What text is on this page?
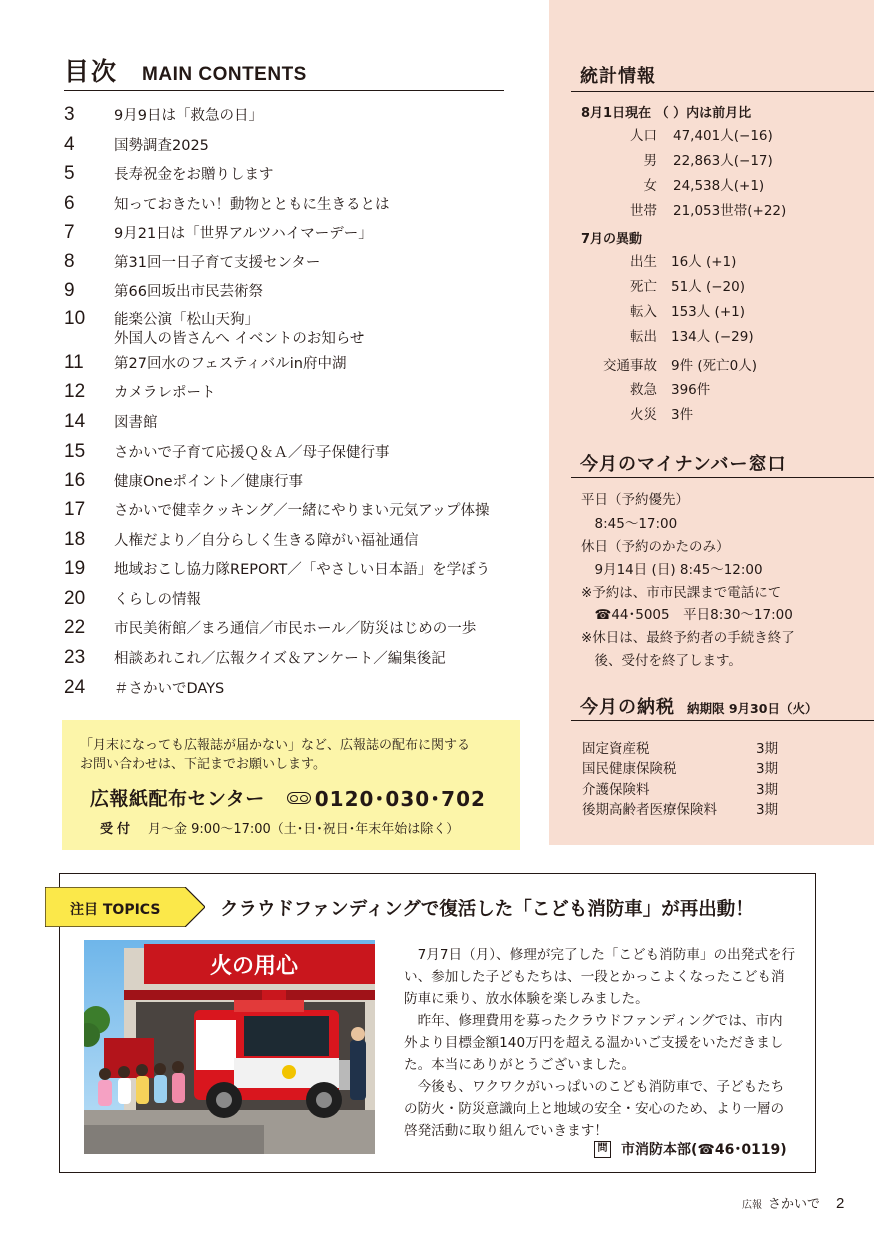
目次 MAIN CONTENTS
3	9月9日は「救急の日」
4	国勢調査2025
5	長寿祝金をお贈りします
6	知っておきたい！動物とともに生きるとは
7	9月21日は「世界アルツハイマーデー」
8	第31回一日子育て支援センター
9	第66回坂出市民芸術祭
10	能楽公演「松山天狗」
外国人の皆さんへ イベントのお知らせ
11	第27回水のフェスティバルin府中湖
12	カメラレポート
14	図書館
15	さかいで子育て応援Ｑ＆Ａ／母子保健行事
16	健康Oneポイント／健康行事
17	さかいで健幸クッキング／一緒にやりまい元気アップ体操
18	人権だより／自分らしく生きる障がい福祉通信
19	地域おこし協力隊REPORT／「やさしい日本語」を学ぼう
20	くらしの情報
22	市民美術館／まろ通信／市民ホール／防災はじめの一歩
23	相談あれこれ／広報クイズ＆アンケート／編集後記
24	＃さかいでDAYS
「月末になっても広報誌が届かない」など、広報誌の配布に関する
お問い合わせは、下記までお願いします。
広報紙配布センター	0120･030･702
受付 月～金 9:00～17:00（土･日･祝日･年末年始は除く）
統計情報
8月1日現在 （ ）内は前月比
人口 47,401人(−16)
男 22,863人(−17)
女 24,538人(+1)
世帯 21,053世帯(+22)
7月の異動
出生 16人 (+1)
死亡 51人 (−20)
転入 153人 (+1)
転出 134人 (−29)
交通事故 9件 (死亡0人)
救急 396件
火災 3件
今月のマイナンバー窓口
平日（予約優先）
　8:45～17:00
休日（予約のかたのみ）
　9月14日 (日) 8:45～12:00
※予約は、市市民課まで電話にて
　☎44･5005　平日8:30～17:00
※休日は、最終予約者の手続き終了
　後、受付を終了します。
今月の納税 納期限 9月30日（火）
固定資産税	3期
国民健康保険税	3期
介護保険料	3期
後期高齢者医療保険料	3期
注目 TOPICS	クラウドファンディングで復活した「こども消防車」が再出動！
火の用心	7月7日（月）、修理が完了した「こども消防車」の出発式を行い、参加した子どもたちは、一段とかっこよくなったこども消防車に乗り、放水体験を楽しみました。

昨年、修理費用を募ったクラウドファンディングでは、市内外より目標金額140万円を超える温かいご支援をいただきました。本当にありがとうございました。

今後も、ワクワクがいっぱいのこども消防車で、子どもたちの防火・防災意識向上と地域の安全・安心のため、より一層の啓発活動に取り組んでいきます！

問 市消防本部(☎46･0119)
広報 さかいで 2
